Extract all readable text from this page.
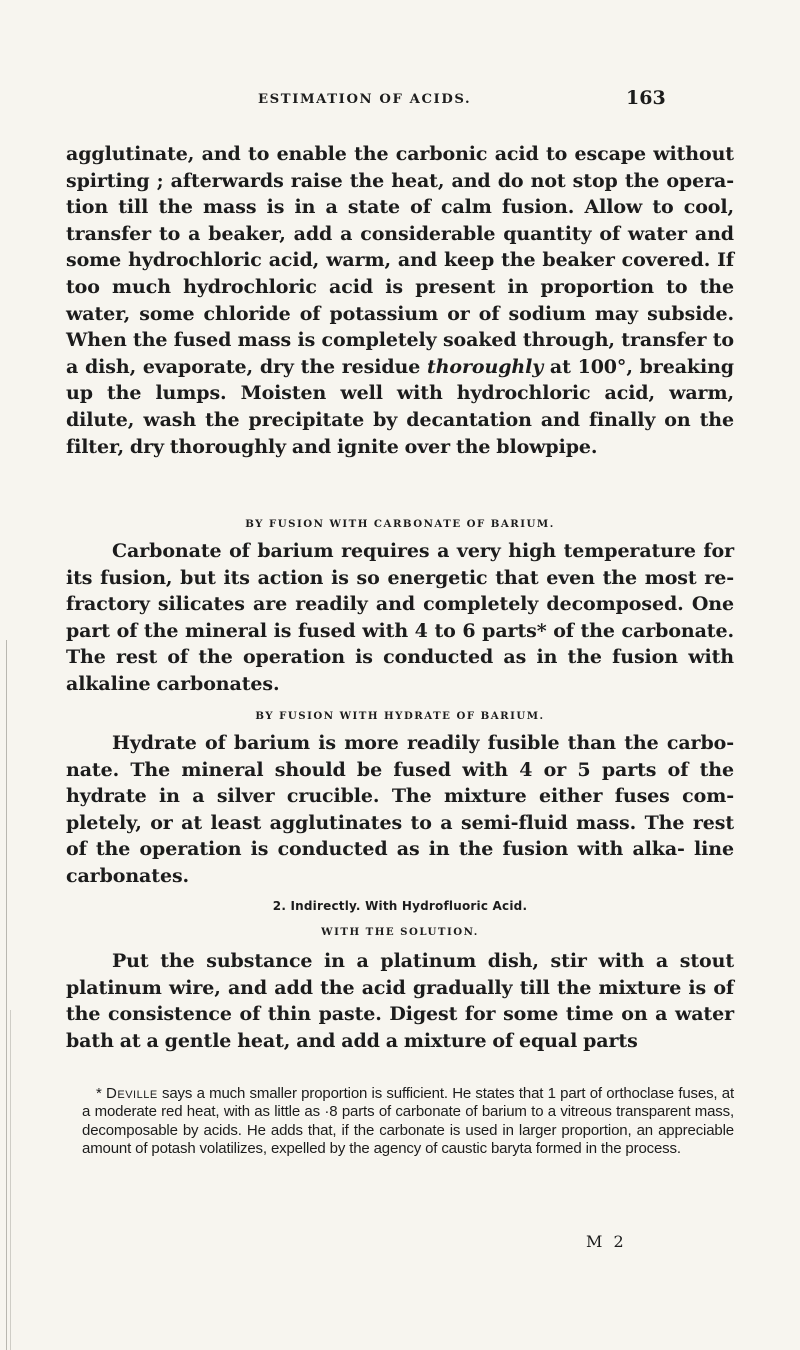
ESTIMATION OF ACIDS.	163
agglutinate, and to enable the carbonic acid to escape without spirting ; afterwards raise the heat, and do not stop the opera- tion till the mass is in a state of calm fusion. Allow to cool, transfer to a beaker, add a considerable quantity of water and some hydrochloric acid, warm, and keep the beaker covered. If too much hydrochloric acid is present in proportion to the water, some chloride of potassium or of sodium may subside. When the fused mass is completely soaked through, transfer to a dish, evaporate, dry the residue thoroughly at 100°, breaking up the lumps. Moisten well with hydrochloric acid, warm, dilute, wash the precipitate by decantation and finally on the filter, dry thoroughly and ignite over the blowpipe.
BY FUSION WITH CARBONATE OF BARIUM.
Carbonate of barium requires a very high temperature for its fusion, but its action is so energetic that even the most re- fractory silicates are readily and completely decomposed. One part of the mineral is fused with 4 to 6 parts* of the carbonate. The rest of the operation is conducted as in the fusion with alkaline carbonates.
BY FUSION WITH HYDRATE OF BARIUM.
Hydrate of barium is more readily fusible than the carbo- nate. The mineral should be fused with 4 or 5 parts of the hydrate in a silver crucible. The mixture either fuses com- pletely, or at least agglutinates to a semi-fluid mass. The rest of the operation is conducted as in the fusion with alka- line carbonates.
2. Indirectly. With Hydrofluoric Acid.
WITH THE SOLUTION.
Put the substance in a platinum dish, stir with a stout platinum wire, and add the acid gradually till the mixture is of the consistence of thin paste. Digest for some time on a water bath at a gentle heat, and add a mixture of equal parts
* Deville says a much smaller proportion is sufficient. He states that 1 part of orthoclase fuses, at a moderate red heat, with as little as ·8 parts of carbonate of barium to a vitreous transparent mass, decomposable by acids. He adds that, if the carbonate is used in larger proportion, an appreciable amount of potash volatilizes, expelled by the agency of caustic baryta formed in the process.
M 2
